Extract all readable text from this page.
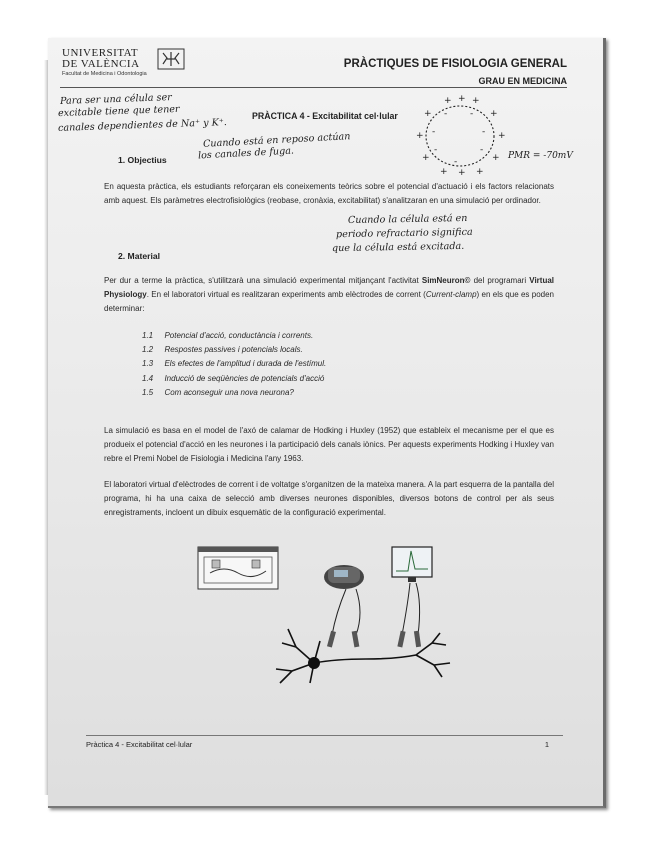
UNIVERSITAT
DE VALÈNCIA
Facultat de Medicina i Odontologia
PRÀCTIQUES DE FISIOLOGIA GENERAL
GRAU EN MEDICINA
Para ser una célula ser
excitable tiene que tener
canales dependientes de Na⁺ y K⁺.
PRÀCTICA 4 - Excitabilitat cel·lular
+ + +
+	+
+	+
+	+
+ + +
-	-
-	-
-	-
-
Cuando está en reposo actúan
los canales de fuga.	PMR = -70mV
1. Objectius
En aquesta pràctica, els estudiants reforçaran els coneixements teòrics sobre el potencial d'actuació i els factors relacionats amb aquest. Els paràmetres electrofisiològics (reobase, cronàxia, excitabilitat) s'analitzaran en una simulació per ordinador.
Cuando la célula está en
periodo refractario significa
que la célula está excitada.
2. Material
Per dur a terme la pràctica, s'utilitzarà una simulació experimental mitjançant l'activitat SimNeuron© del programari Virtual Physiology. En el laboratori virtual es realitzaran experiments amb elèctrodes de corrent (Current-clamp) en els que es poden determinar:
1.1 Potencial d'acció, conductància i corrents.
1.2 Respostes passives i potencials locals.
1.3 Els efectes de l'amplitud i durada de l'estímul.
1.4 Inducció de seqüències de potencials d'acció
1.5 Com aconseguir una nova neurona?
La simulació es basa en el model de l'axó de calamar de Hodking i Huxley (1952) que estableix el mecanisme per el que es produeix el potencial d'acció en les neurones i la participació dels canals iònics. Per aquests experiments Hodking i Huxley van rebre el Premi Nobel de Fisiologia i Medicina l'any 1963.
El laboratori virtual d'elèctrodes de corrent i de voltatge s'organitzen de la mateixa manera. A la part esquerra de la pantalla del programa, hi ha una caixa de selecció amb diverses neurones disponibles, diversos botons de control per als seus enregistraments, incloent un dibuix esquemàtic de la configuració experimental.
Pràctica 4 - Excitabilitat cel·lular	1
